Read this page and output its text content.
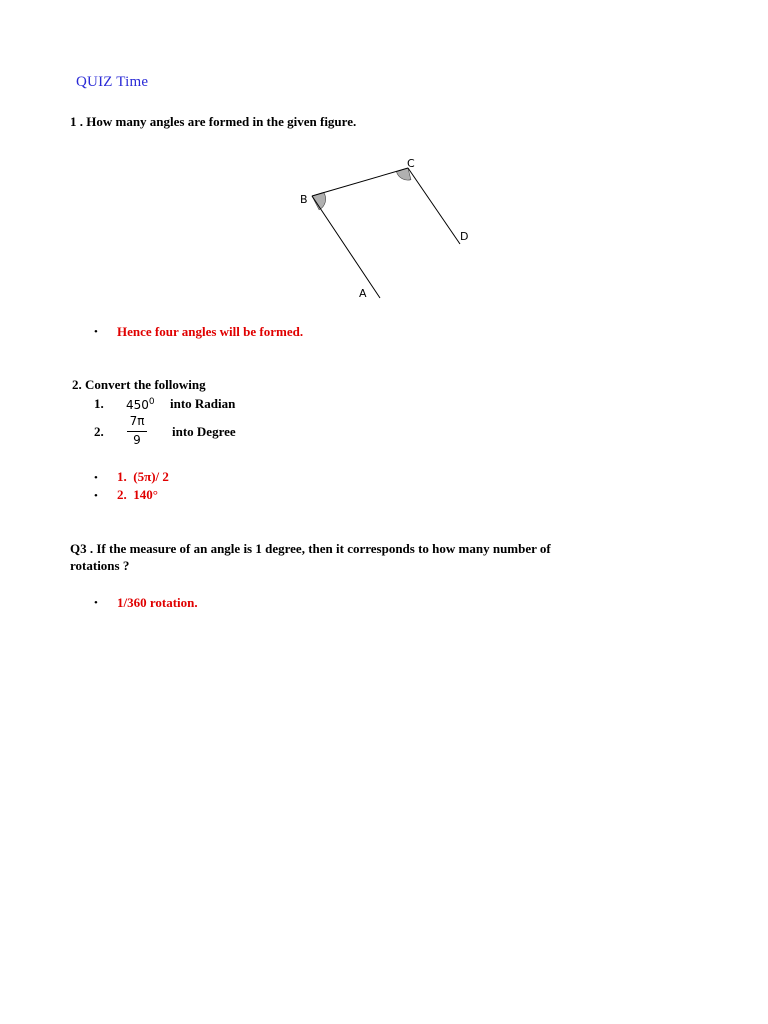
QUIZ Time
1 . How many angles are formed in the given figure.
B
C
D
A
• Hence four angles will be formed.
2. Convert the following
1. $450^0$ into Radian
2.
7π
9
into Degree
• 1. (5π)/ 2
• 2. 140°
Q3 . If the measure of an angle is 1 degree, then it corresponds to how many number of
rotations ?
• 1/360 rotation.
